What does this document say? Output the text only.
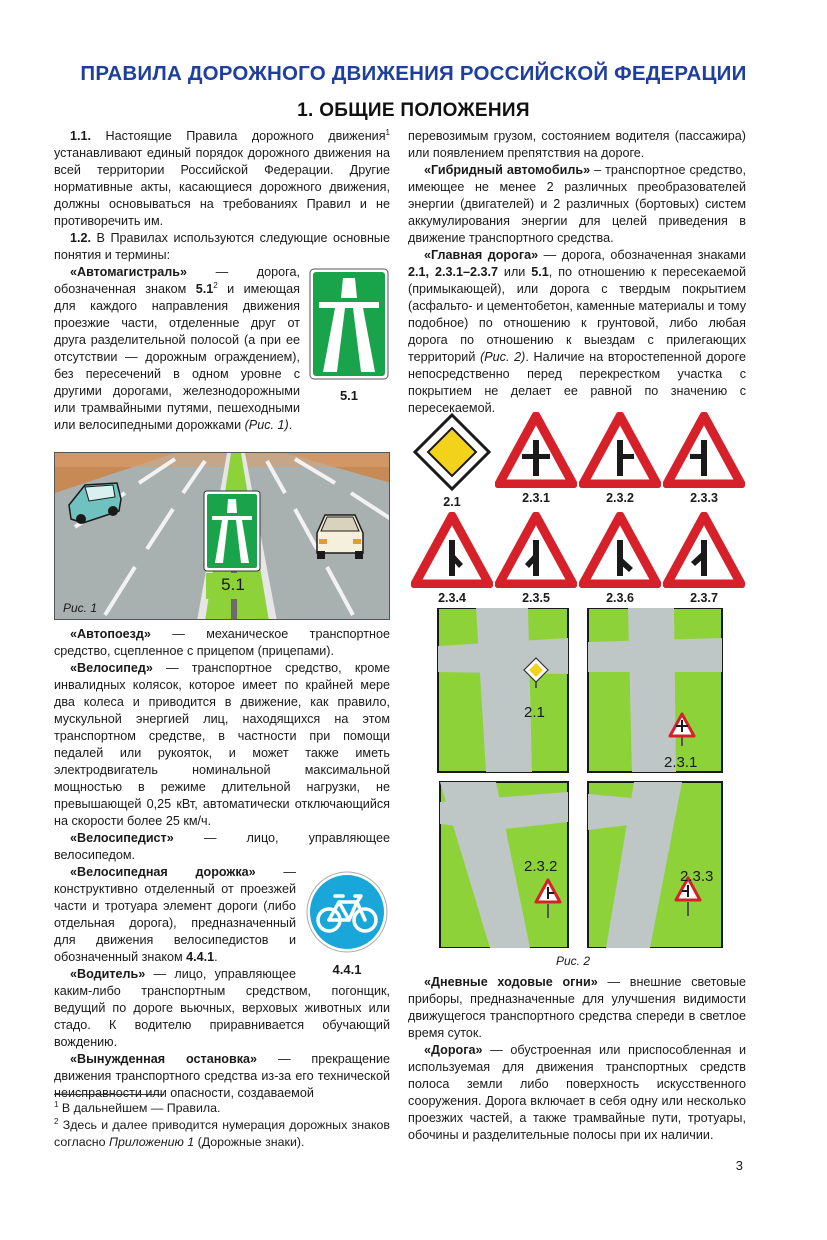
ПРАВИЛА ДОРОЖНОГО ДВИЖЕНИЯ РОССИЙСКОЙ ФЕДЕРАЦИИ
1. ОБЩИЕ ПОЛОЖЕНИЯ

1.1. Настоящие Правила дорожного движения$^1$ устанавливают единый порядок дорожного движения на всей территории Российской Федерации. Другие нормативные акты, касающиеся дорожного движения, должны основываться на требованиях Правил и не противоречить им.

1.2. В Правилах используются следующие основные понятия и термины:

5.1

«Автомагистраль» — дорога, обозначенная знаком $5.1^2$ и имеющая для каждого направления движения проезжие части, отделенные друг от друга разделительной полосой (а при ее отсутствии — дорожным ограждением), без пересечений в одном уровне с другими дорогами, железнодорожными или трамвайными путями, пешеходными или велосипедными дорожками (Рис. 1).

5.1
Рис. 1

«Автопоезд» — механическое транспортное средство, сцепленное с прицепом (прицепами).

«Велосипед» — транспортное средство, кроме инвалидных колясок, которое имеет по крайней мере два колеса и приводится в движение, как правило, мускульной энергией лиц, находящихся на этом транспортном средстве, в частности при помощи педалей или рукояток, и может также иметь электродвигатель номинальной максимальной мощностью в режиме длительной нагрузки, не превышающей 0,25 кВт, автоматически отключающийся на скорости более 25 км/ч.

«Велосипедист» — лицо, управляющее велосипедом.

4.4.1

«Велосипедная дорожка» — конструктивно отделенный от проезжей части и тротуара элемент дороги (либо отдельная дорога), предназначенный для движения велосипедистов и обозначенный знаком 4.4.1.

«Водитель» — лицо, управляющее каким-либо транспортным средством, погонщик, ведущий по дороге вьючных, верховых животных или стадо. К водителю приравнивается обучающий вождению.

«Вынужденная остановка» — прекращение движения транспортного средства из-за его технической неисправности или опасности, создаваемой

$^1$ В дальнейшем — Правила.

$^2$ Здесь и далее приводится нумерация дорожных знаков согласно Приложению 1 (Дорожные знаки).

перевозимым грузом, состоянием водителя (пассажира) или появлением препятствия на дороге.

«Гибридный автомобиль» – транспортное средство, имеющее не менее 2 различных преобразователей энергии (двигателей) и 2 различных (бортовых) систем аккумулирования энергии для целей приведения в движение транспортного средства.

«Главная дорога» — дорога, обозначенная знаками 2.1, 2.3.1–2.3.7 или 5.1, по отношению к пересекаемой (примыкающей), или дорога с твердым покрытием (асфальто- и цементобетон, каменные материалы и тому подобное) по отношению к грунтовой, либо любая дорога по отношению к выездам с прилегающих территорий (Рис. 2). Наличие на второстепенной дороге непосредственно перед перекрестком участка с покрытием не делает ее равной по значению с пересекаемой.

2.1	2.3.1	2.3.2	2.3.3
2.3.4	2.3.5	2.3.6	2.3.7
2.1
2.3.1
2.3.2
2.3.3
Рис. 2

«Дневные ходовые огни» — внешние световые приборы, предназначенные для улучшения видимости движущегося транспортного средства спереди в светлое время суток.

«Дорога» — обустроенная или приспособленная и используемая для движения транспортных средств полоса земли либо поверхность искусственного сооружения. Дорога включает в себя одну или несколько проезжих частей, а также трамвайные пути, тротуары, обочины и разделительные полосы при их наличии.

3
